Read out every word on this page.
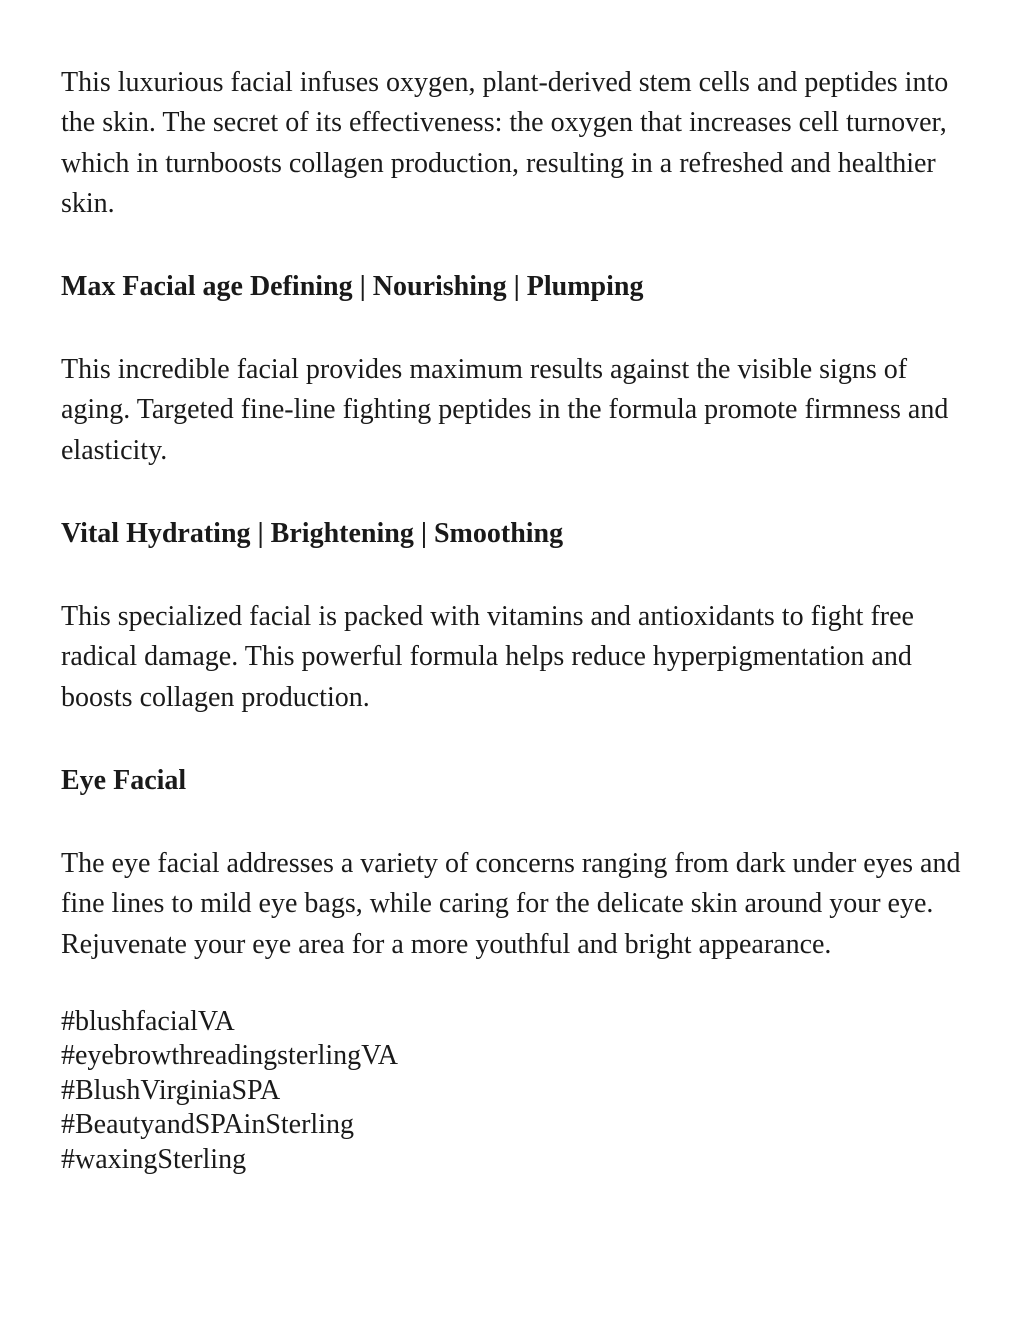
This luxurious facial infuses oxygen, plant-derived stem cells and peptides into the skin. The secret of its effectiveness: the oxygen that increases cell turnover, which in turnboosts collagen production, resulting in a refreshed and healthier skin.

Max Facial age Defining | Nourishing | Plumping

This incredible facial provides maximum results against the visible signs of aging. Targeted fine-line fighting peptides in the formula promote firmness and elasticity.

Vital Hydrating | Brightening | Smoothing

This specialized facial is packed with vitamins and antioxidants to fight free radical damage. This powerful formula helps reduce hyperpigmentation and boosts collagen production.

Eye Facial

The eye facial addresses a variety of concerns ranging from dark under eyes and fine lines to mild eye bags, while caring for the delicate skin around your eye. Rejuvenate your eye area for a more youthful and bright appearance.

#blushfacialVA
#eyebrowthreadingsterlingVA
#BlushVirginiaSPA
#BeautyandSPAinSterling
#waxingSterling
